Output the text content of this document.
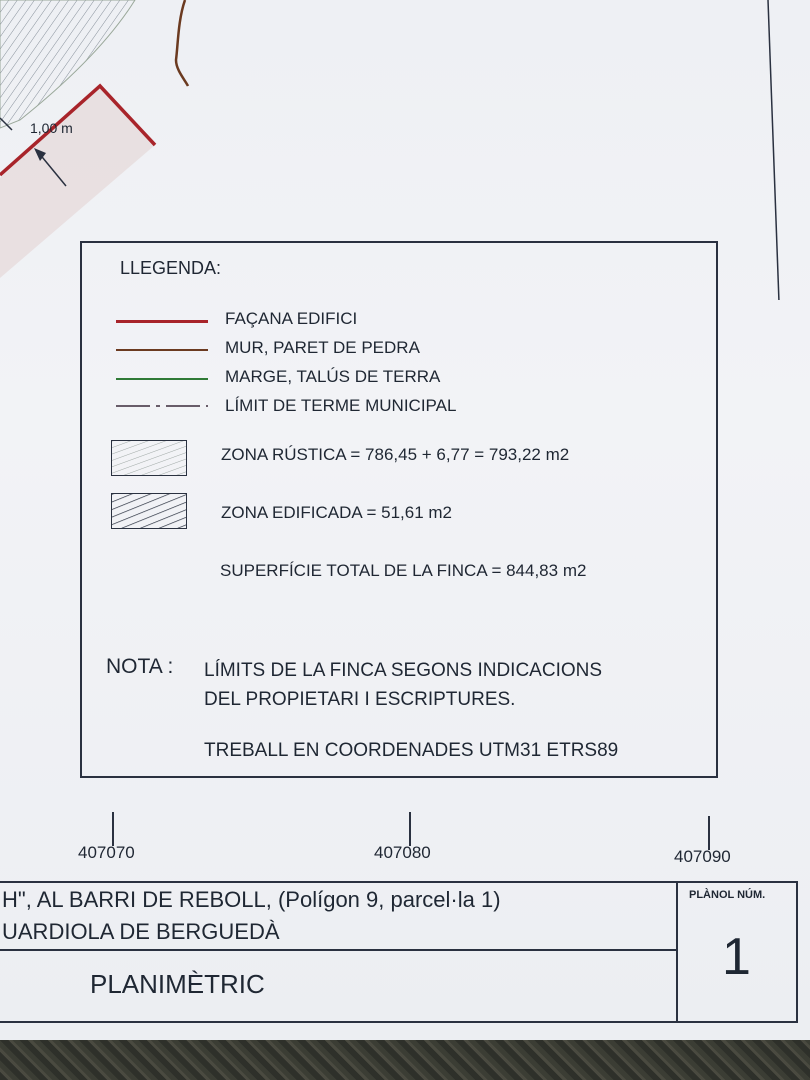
1,00 m
LLEGENDA:
FAÇANA EDIFICI
MUR, PARET DE PEDRA
MARGE, TALÚS DE TERRA
LÍMIT DE TERME MUNICIPAL
ZONA RÚSTICA = 786,45 + 6,77 = 793,22 m2
ZONA EDIFICADA = 51,61 m2
SUPERFÍCIE TOTAL DE LA FINCA = 844,83 m2
NOTA : LÍMITS DE LA FINCA SEGONS INDICACIONS
DEL PROPIETARI I ESCRIPTURES.
TREBALL EN COORDENADES UTM31 ETRS89
407070	407080	407090
H", AL BARRI DE REBOLL, (Polígon 9, parcel·la 1)
UARDIOLA DE BERGUEDÀ
PLANIMÈTRIC
PLÀNOL NÚM.
1
